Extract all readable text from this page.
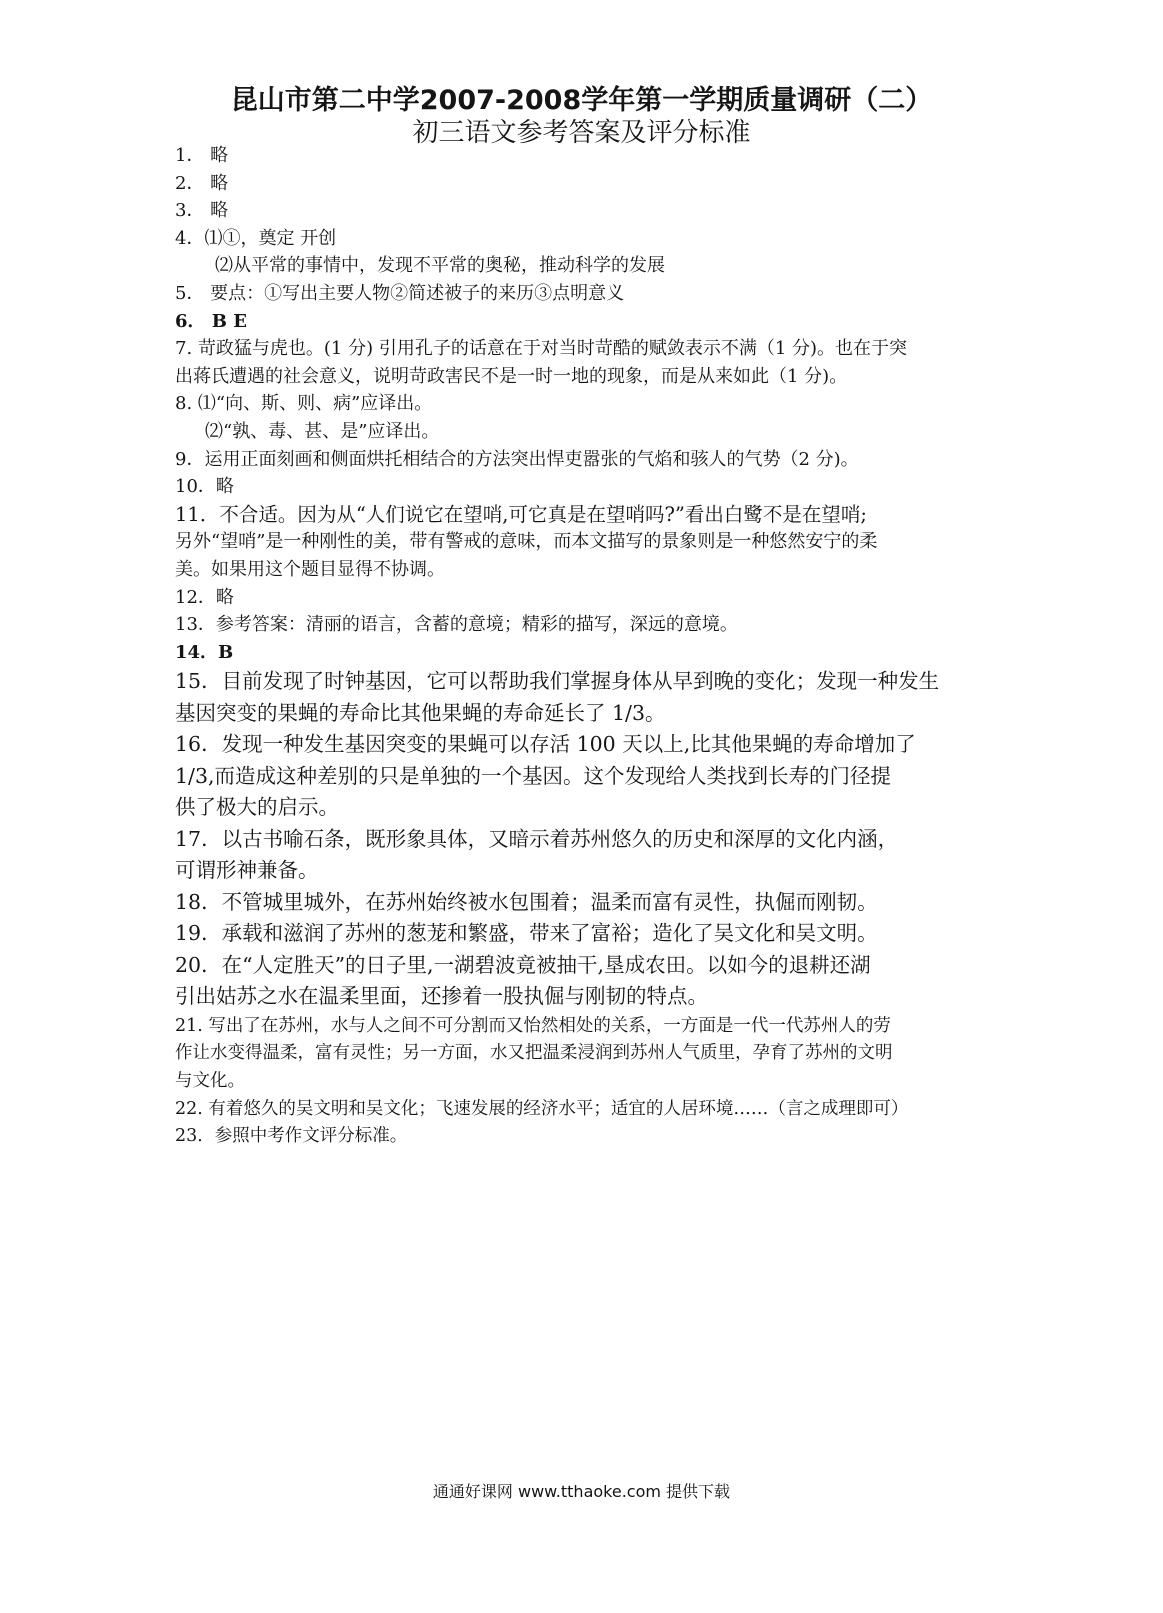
昆山市第二中学2007-2008学年第一学期质量调研（二）
初三语文参考答案及评分标准
1． 略
2． 略
3． 略
4．⑴①，奠定 开创
⑵从平常的事情中，发现不平常的奥秘，推动科学的发展
5． 要点：①写出主要人物②简述被子的来历③点明意义
6． B E
7. 苛政猛与虎也。(1 分) 引用孔子的话意在于对当时苛酷的赋敛表示不满（1 分)。也在于突
出蒋氏遭遇的社会意义，说明苛政害民不是一时一地的现象，而是从来如此（1 分)。
8. ⑴“向、斯、则、病”应译出。
⑵“孰、毒、甚、是”应译出。
9．运用正面刻画和侧面烘托相结合的方法突出悍吏嚣张的气焰和骇人的气势（2 分)。
10．略
11．不合适。因为从“人们说它在望哨,可它真是在望哨吗?”看出白鹭不是在望哨;
另外“望哨”是一种刚性的美，带有警戒的意味，而本文描写的景象则是一种悠然安宁的柔
美。如果用这个题目显得不协调。
12．略
13．参考答案：清丽的语言，含蓄的意境；精彩的描写，深远的意境。
14．B
15．目前发现了时钟基因，它可以帮助我们掌握身体从早到晚的变化；发现一种发生
基因突变的果蝇的寿命比其他果蝇的寿命延长了 1/3。
16．发现一种发生基因突变的果蝇可以存活 100 天以上,比其他果蝇的寿命增加了
1/3,而造成这种差别的只是单独的一个基因。这个发现给人类找到长寿的门径提
供了极大的启示。
17．以古书喻石条，既形象具体，又暗示着苏州悠久的历史和深厚的文化内涵，
可谓形神兼备。
18．不管城里城外，在苏州始终被水包围着；温柔而富有灵性，执倔而刚韧。
19．承载和滋润了苏州的葱茏和繁盛，带来了富裕；造化了吴文化和吴文明。
20．在“人定胜天”的日子里,一湖碧波竟被抽干,垦成农田。以如今的退耕还湖
引出姑苏之水在温柔里面，还掺着一股执倔与刚韧的特点。
21. 写出了在苏州，水与人之间不可分割而又怡然相处的关系，一方面是一代一代苏州人的劳
作让水变得温柔，富有灵性；另一方面，水又把温柔浸润到苏州人气质里，孕育了苏州的文明
与文化。
22. 有着悠久的吴文明和吴文化；飞速发展的经济水平；适宜的人居环境……（言之成理即可）
23．参照中考作文评分标准。
通通好课网 www.tthaoke.com 提供下载
